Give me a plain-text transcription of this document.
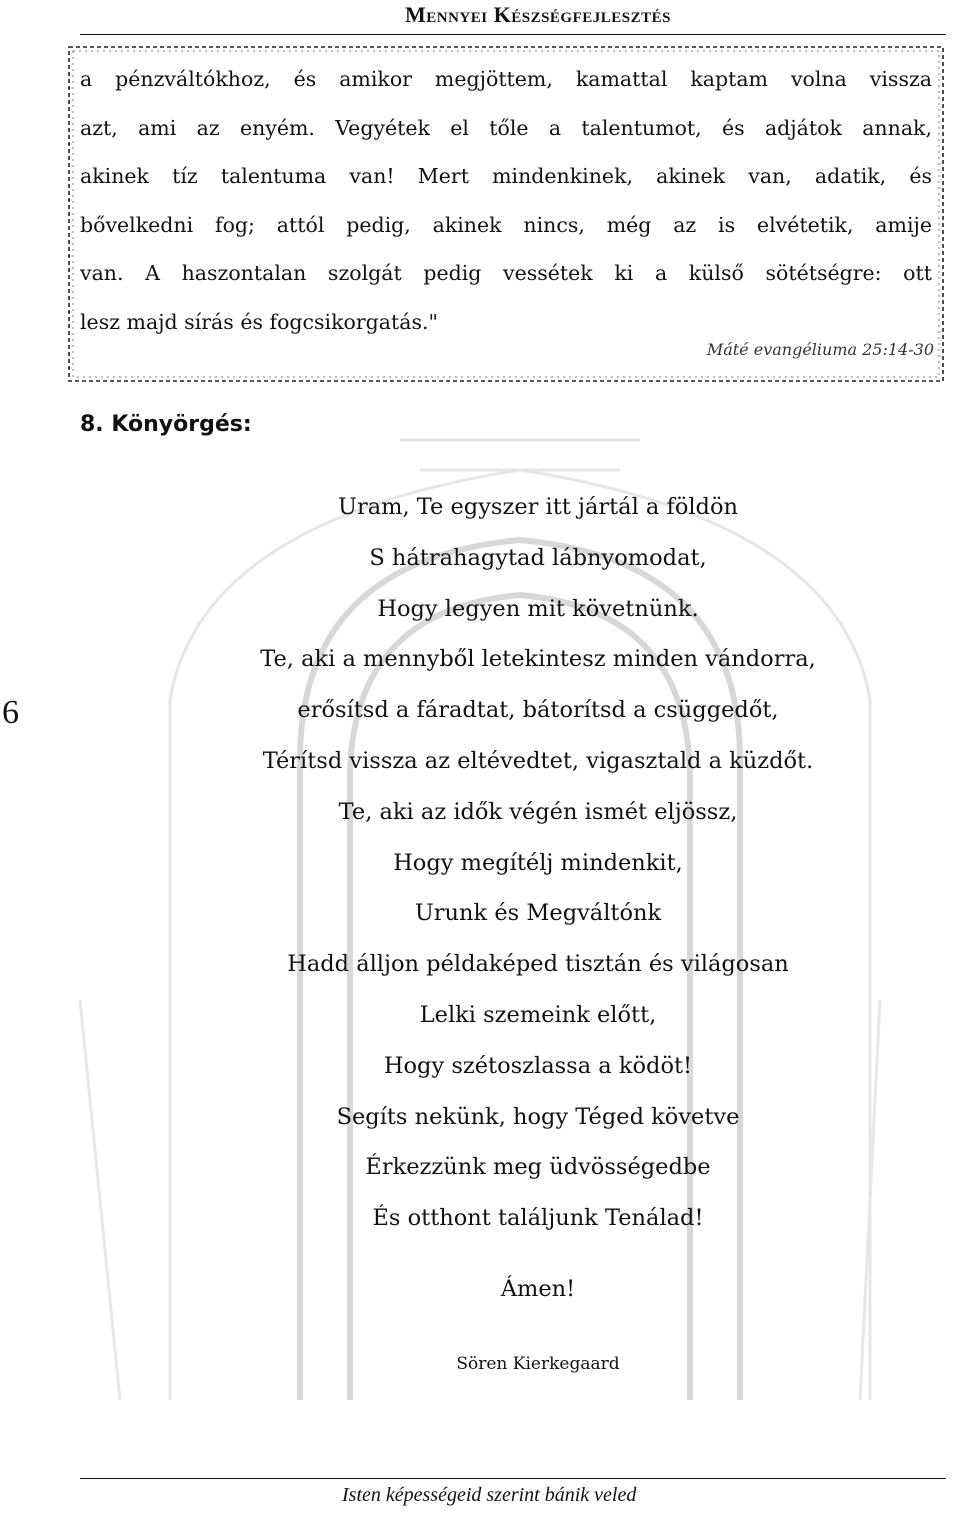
Mennyei Készségfejlesztés
a pénzváltókhoz, és amikor megjöttem, kamattal kaptam volna vissza
azt, ami az enyém. Vegyétek el tőle a talentumot, és adjátok annak,
akinek tíz talentuma van! Mert mindenkinek, akinek van, adatik, és
bővelkedni fog; attól pedig, akinek nincs, még az is elvétetik, amije
van. A haszontalan szolgát pedig vessétek ki a külső sötétségre: ott
lesz majd sírás és fogcsikorgatás."
Máté evangéliuma 25:14-30
8. Könyörgés:
6
Uram, Te egyszer itt jártál a földön
S hátrahagytad lábnyomodat,
Hogy legyen mit követnünk.
Te, aki a mennyből letekintesz minden vándorra,
erősítsd a fáradtat, bátorítsd a csüggedőt,
Térítsd vissza az eltévedtet, vigasztald a küzdőt.
Te, aki az idők végén ismét eljössz,
Hogy megítélj mindenkit,
Urunk és Megváltónk
Hadd álljon példaképed tisztán és világosan
Lelki szemeink előtt,
Hogy szétoszlassa a ködöt!
Segíts nekünk, hogy Téged követve
Érkezzünk meg üdvösségedbe
És otthont találjunk Tenálad!
Ámen!
Sören Kierkegaard
Isten képességeid szerint bánik veled
